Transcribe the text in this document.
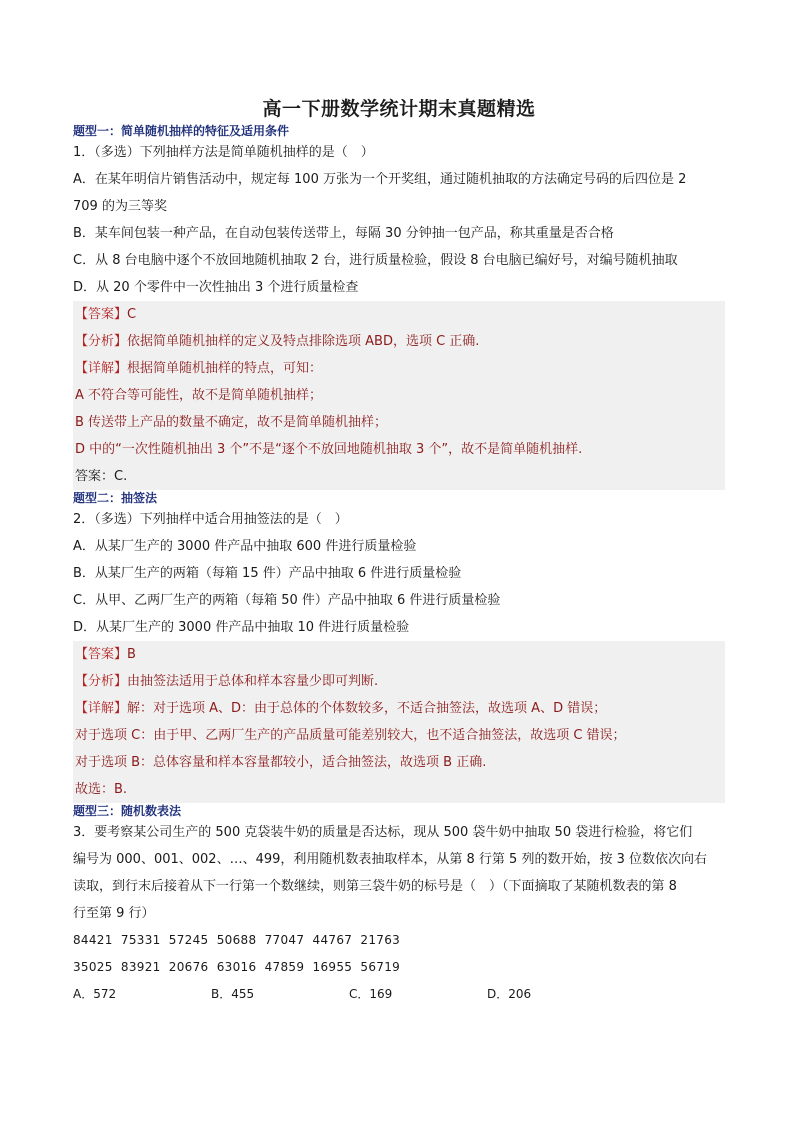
高一下册数学统计期末真题精选

题型一：简单随机抽样的特征及适用条件

1．（多选）下列抽样方法是简单随机抽样的是（　）

A．在某年明信片销售活动中，规定每 100 万张为一个开奖组，通过随机抽取的方法确定号码的后四位是 2

709 的为三等奖

B．某车间包装一种产品，在自动包装传送带上，每隔 30 分钟抽一包产品，称其重量是否合格

C．从 8 台电脑中逐个不放回地随机抽取 2 台，进行质量检验，假设 8 台电脑已编好号，对编号随机抽取

D．从 20 个零件中一次性抽出 3 个进行质量检查

【答案】C

【分析】依据简单随机抽样的定义及特点排除选项 ABD，选项 C 正确.

【详解】根据简单随机抽样的特点，可知：

A 不符合等可能性，故不是简单随机抽样；

B 传送带上产品的数量不确定，故不是简单随机抽样；

D 中的“一次性随机抽出 3 个”不是“逐个不放回地随机抽取 3 个”，故不是简单随机抽样.

答案：C.

题型二：抽签法

2．（多选）下列抽样中适合用抽签法的是（　）

A．从某厂生产的 3000 件产品中抽取 600 件进行质量检验

B．从某厂生产的两箱（每箱 15 件）产品中抽取 6 件进行质量检验

C．从甲、乙两厂生产的两箱（每箱 50 件）产品中抽取 6 件进行质量检验

D．从某厂生产的 3000 件产品中抽取 10 件进行质量检验

【答案】B

【分析】由抽签法适用于总体和样本容量少即可判断.

【详解】解：对于选项 A、D：由于总体的个体数较多，不适合抽签法，故选项 A、D 错误；

对于选项 C：由于甲、乙两厂生产的产品质量可能差别较大，也不适合抽签法，故选项 C 错误；

对于选项 B：总体容量和样本容量都较小，适合抽签法，故选项 B 正确.

故选：B.

题型三：随机数表法

3．要考察某公司生产的 500 克袋装牛奶的质量是否达标，现从 500 袋牛奶中抽取 50 袋进行检验，将它们

编号为 000、001、002、…、499，利用随机数表抽取样本，从第 8 行第 5 列的数开始，按 3 位数依次向右

读取，到行末后接着从下一行第一个数继续，则第三袋牛奶的标号是（　）（下面摘取了某随机数表的第 8

行至第 9 行）

84421  75331  57245  50688  77047  44767  21763

35025  83921  20676  63016  47859  16955  56719

A．572	B．455	C．169	D．206
